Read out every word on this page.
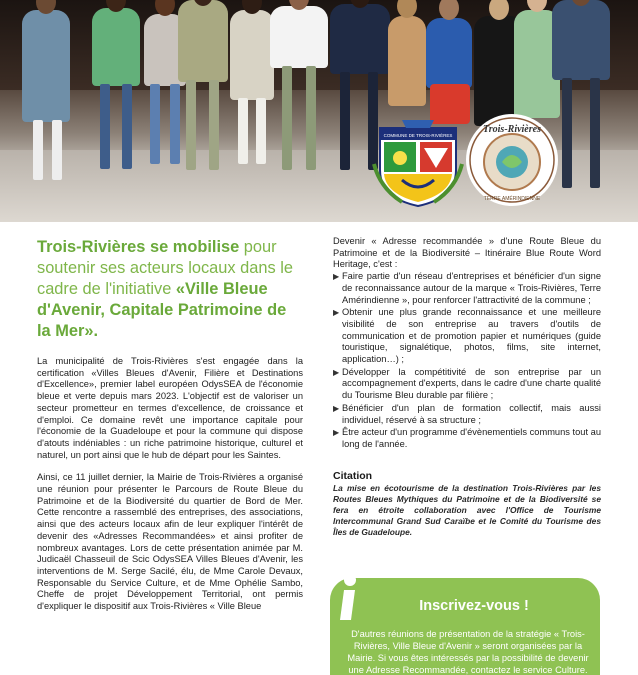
COMMUNE DE TROIS-RIVIÈRES
Trois-Rivières
TERRE AMÉRINDIENNE
Trois-Rivières se mobilise pour soutenir ses acteurs locaux dans le cadre de l'initiative «Ville Bleue d'Avenir, Capitale Patrimoine de la Mer».

La municipalité de Trois-Rivières s'est engagée dans la certification «Villes Bleues d'Avenir, Filière et Destinations d'Excellence», premier label européen OdysSEA de l'économie bleue et verte depuis mars 2023. L'objectif est de valoriser un secteur prometteur en termes d'excellence, de croissance et d'emploi. Ce domaine revêt une importance capitale pour l'économie de la Guadeloupe et pour la commune qui dispose d'atouts indéniables : un riche patrimoine historique, culturel et naturel, un port ainsi que le hub de départ pour les Saintes.

Ainsi, ce 11 juillet dernier, la Mairie de Trois-Rivières a organisé une réunion pour présenter le Parcours de Route Bleue du Patrimoine et de la Biodiversité du quartier de Bord de Mer. Cette rencontre a rassemblé des entreprises, des associations, ainsi que des acteurs locaux afin de leur expliquer l'intérêt de devenir des «Adresses Recommandées» et ainsi profiter de nombreux avantages. Lors de cette présentation animée par M. Judicaël Chasseuil de Scic OdysSEA Villes Bleues d'Avenir, les interventions de M. Serge Sacilé, élu, de Mme Carole Devaux, Responsable du Service Culture, et de Mme Ophélie Sambo, Cheffe de projet Développement Territorial, ont permis d'expliquer le dispositif aux Trois-Rivières « Ville Bleue

Devenir « Adresse recommandée » d'une Route Bleue du Patrimoine et de la Biodiversité – Itinéraire Blue Route Word Heritage, c'est :

▶ Faire partie d'un réseau d'entreprises et bénéficier d'un signe de reconnaissance autour de la marque « Trois-Rivières, Terre Amérindienne », pour renforcer l'attractivité de la commune ;
▶ Obtenir une plus grande reconnaissance et une meilleure visibilité de son entreprise au travers d'outils de communication et de promotion papier et numériques (guide touristique, signalétique, photos, films, site internet, application…) ;
▶ Développer la compétitivité de son entreprise par un accompagnement d'experts, dans le cadre d'une charte qualité du Tourisme Bleu durable par filière ;
▶ Bénéficier d'un plan de formation collectif, mais aussi individuel, réservé à sa structure ;
▶ Être acteur d'un programme d'évènementiels communs tout au long de l'année.
Citation

La mise en écotourisme de la destination Trois-Rivières par les Routes Bleues Mythiques du Patrimoine et de la Biodiversité se fera en étroite collaboration avec l'Office de Tourisme Intercommunal Grand Sud Caraïbe et le Comité du Tourisme des Îles de Guadeloupe.

Inscrivez-vous !
D'autres réunions de présentation de la stratégie « Trois-Rivières, Ville Bleue d'Avenir » seront organisées par la Mairie. Si vous êtes intéressés par la possibilité de devenir une Adresse Recommandée, contactez le service Culture.
